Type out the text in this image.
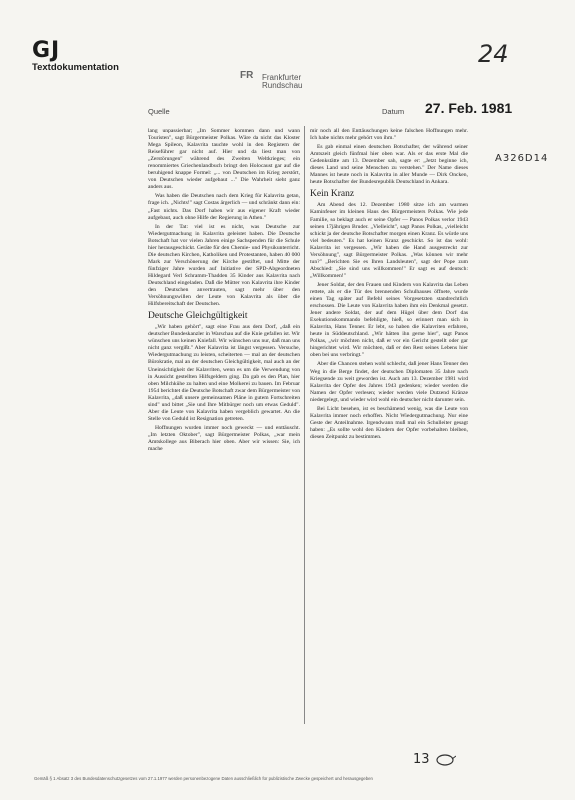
GJ
Textdokumentation
FR Frankfurter
Rundschau
Quelle	Datum 27. Feb. 1981
24
A326D14

lang unpassierbar; „Im Sommer kommen dann und wann Touristen", sagt Bürgermeister Polkas. Wäre da nicht das Kloster Mega Spileon, Kalavrita tauchte wohl in den Registern der Reiseführer gar nicht auf. Hier und da liest man von „Zerstörungen" während des Zweiten Weltkrieges; ein renommiertes Griechenlandbuch bringt den Holocaust gar auf die beruhigend knappe Formel: „... von Deutschen im Krieg zerstört, von Deutschen wieder aufgebaut ..." Die Wahrheit sieht ganz anders aus.

Was haben die Deutschen nach dem Krieg für Kalavrita getan, frage ich. „Nichts!" sagt Costas ärgerlich — und schränkt dann ein: „Fast nichts. Das Dorf haben wir aus eigener Kraft wieder aufgebaut, auch ohne Hilfe der Regierung in Athen."

In der Tat: viel ist es nicht, was Deutsche zur Wiedergutmachung in Kalavrita geleistet haben. Die Deutsche Botschaft hat vor vielen Jahren einige Sachspenden für die Schule hier herausgeschickt. Geräte für den Chemie- und Physikunterricht. Die deutschen Kirchen, Katholiken und Protestanten, haben 40 000 Mark zur Verschönerung der Kirche gestiftet, und Mitte der fünfziger Jahre wurden auf Initiative der SPD-Abgeordneten Hildegard Verl Schramm-Thadden 35 Kinder aus Kalavrita nach Deutschland eingeladen. Daß die Mütter von Kalavrita ihre Kinder den Deutschen anvertrauten, sagt mehr über den Versöhnungswillen der Leute von Kalavrita als über die Hilfsbereitschaft der Deutschen.

Deutsche Gleichgültigkeit

„Wir haben gehört", sagt eine Frau aus dem Dorf, „daß ein deutscher Bundeskanzler in Warschau auf die Knie gefallen ist. Wir wünschen uns keinen Kniefall. Wir wünschen uns nur, daß man uns nicht ganz vergißt." Aber Kalavrita ist längst vergessen. Versuche, Wiedergutmachung zu leisten, scheiterten — mal an der deutschen Bürokratie, mal an der deutschen Gleichgültigkeit, mal auch an der Uneinsichtigkeit der Kalavriten, wenn es um die Verwendung von in Aussicht gestellten Hilfsgeldern ging. Da gab es den Plan, hier oben Milchkühe zu halten und eine Molkerei zu bauen. Im Februar 1954 berichtet die Deutsche Botschaft zwar dem Bürgermeister von Kalavrita, „daß unsere gemeinsamen Pläne in gutem Fortschreiten sind" und bittet „Sie und Ihre Mitbürger noch um etwas Geduld". Aber die Leute von Kalavrita haben vergeblich gewartet. An die Stelle von Geduld ist Resignation getreten.

Hoffnungen wurden immer noch geweckt — und enttäuscht. „Im letzten Oktober", sagt Bürgermeister Polkas, „war mein Amtskollege aus Biberach hier oben. Aber wir wissen: Sie, ich mache

mir noch all den Enttäuschungen keine falschen Hoffnungen mehr. Ich habe nichts mehr gehört von ihm."

Es gab einmal einen deutschen Botschafter, der während seiner Amtszeit gleich fünfmal hier oben war. Als er das erste Mal die Gedenkstätte am 13. Dezember sah, sagte er: „Jetzt beginne ich, dieses Land und seine Menschen zu verstehen." Der Name dieses Mannes ist heute noch in Kalavrita in aller Munde — Dirk Oncken, heute Botschafter der Bundesrepublik Deutschland in Ankara.

Kein Kranz

Am Abend des 12. Dezember 1980 sitze ich am warmen Kaminfeuer im kleinen Haus des Bürgermeisters Polkas. Wie jede Familie, so beklagt auch er seine Opfer — Panos Polkas verlor 1943 seinen 17jährigen Bruder. „Vielleicht", sagt Panos Polkas, „vielleicht schickt ja der deutsche Botschafter morgen einen Kranz. Es würde uns viel bedeuten." Es hat keinen Kranz geschickt. So ist das wohl: Kalavrita ist vergessen. „Wir haben die Hand ausgestreckt zur Versöhnung", sagt Bürgermeister Polkas. „Was können wir mehr tun?" „Berichten Sie es Ihren Landsleuten", sagt der Pope zum Abschied: „Sie sind uns willkommen!" Er sagt es auf deutsch: „Willkommen!"

Jener Soldat, der den Frauen und Kindern von Kalavrita das Leben rettete, als er die Tür des brennenden Schulhauses öffnete, wurde einen Tag später auf Befehl seines Vorgesetzten standrechtlich erschossen. Die Leute von Kalavrita haben ihm ein Denkmal gesetzt. Jener andere Soldat, der auf dem Hügel über dem Dorf das Exekutionskommando befehligte, hieß, so erinnert man sich in Kalavrita, Hans Tenner. Er lebt, so haben die Kalavriten erfahren, heute in Süddeutschland. „Wir hätten ihn gerne hier", sagt Panos Polkas, „wir möchten nicht, daß er vor ein Gericht gestellt oder gar hingerichtet wird. Wir möchten, daß er den Rest seines Lebens hier oben bei uns verbringt."

Aber die Chancen stehen wohl schlecht, daß jener Hans Tenner den Weg in die Berge findet, der deutschen Diplomaten 35 Jahre nach Kriegsende zu weit geworden ist. Auch am 13. Dezember 1981 wird Kalavrita der Opfer des Jahres 1943 gedenken; wieder werden die Namen der Opfer verlesen; wieder werden viele Dutzend Kränze niedergelegt, und wieder wird wohl ein deutscher nicht darunter sein.

Bei Licht besehen, ist es beschämend wenig, was die Leute von Kalavrita immer noch erhoffen. Nicht Wiedergutmachung. Nur eine Geste der Anteilnahme. Irgendwann muß mal ein Schulleiter gesagt haben: „Es sollte wohl den Kindern der Opfer vorbehalten bleiben, diesen Zeitpunkt zu bestimmen.

13
Gemäß § 1 Absatz 3 des Bundesdatenschutzgesetzes vom 27.1.1977 werden personenbezogene Daten ausschließlich für publizistische Zwecke gespeichert und herausgegeben
